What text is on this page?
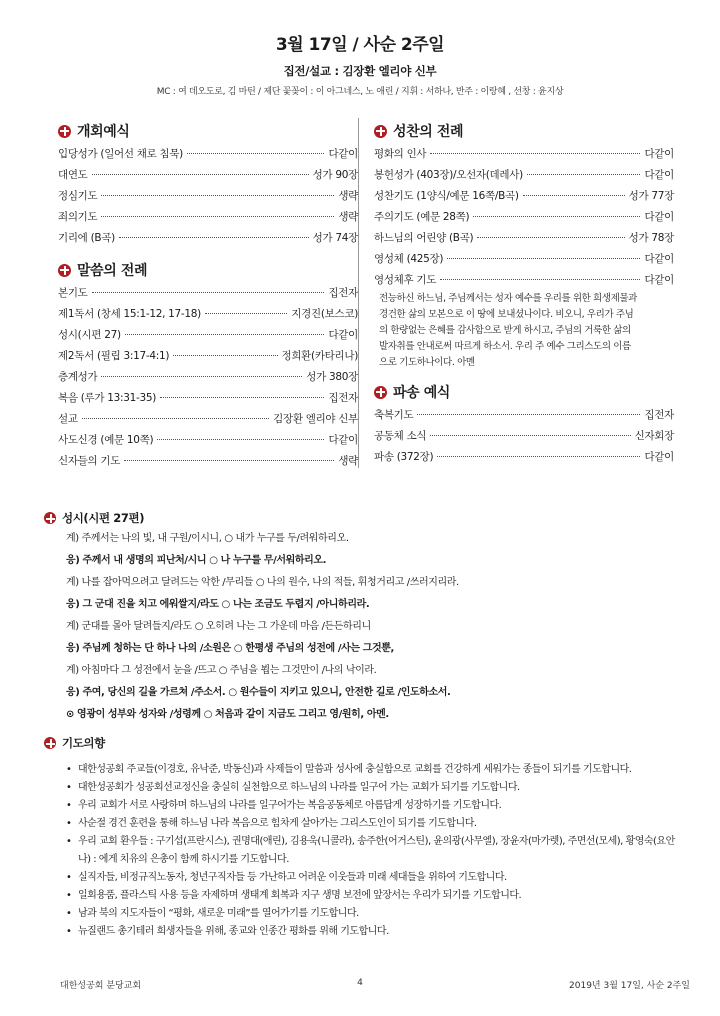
3월 17일 / 사순 2주일
집전/설교 : 김장환 엘리야 신부
MC : 여 데오도로, 김 마틴 / 제단 꽃꽂이 : 이 아그네스, 노 애린 / 지휘 : 서하나, 반주 : 이랑혜 , 선창 : 윤지상
개회예식
입당성가 (일어선 채로 침묵)	다같이
대연도	성가 90장
정심기도	생략
죄의기도	생략
기리에 (B곡)	성가 74장
말씀의 전례
본기도	집전자
제1독서 (창세 15:1-12, 17-18)	지경진(보스코)
성시(시편 27)	다같이
제2독서 (필립 3:17-4:1)	정희환(카타리나)
층계성가	성가 380장
복음 (루가 13:31-35)	집전자
설교	김장환 엘리야 신부
사도신경 (예문 10쪽)	다같이
신자들의 기도	생략
성찬의 전례
평화의 인사	다같이
봉헌성가 (403장)/오선자(데레사)	다같이
성찬기도 (1양식/예문 16쪽/B곡)	성가 77장
주의기도 (예문 28쪽)	다같이
하느님의 어린양 (B곡)	성가 78장
영성체 (425장)	다같이
영성체후 기도	다같이
전능하신 하느님, 주님께서는 성자 예수를 우리를 위한 희생제물과
경건한 삶의 모본으로 이 땅에 보내셨나이다. 비오니, 우리가 주님
의 한량없는 은혜를 감사함으로 받게 하시고, 주님의 거룩한 삶의
발자취를 안내로써 따르게 하소서. 우리 주 예수 그리스도의 이름
으로 기도하나이다. 아멘
파송 예식
축복기도	집전자
공동체 소식	신자회장
파송 (372장)	다같이
성시(시편 27편)
계) 주께서는 나의 빛, 내 구원/이시니, ○ 내가 누구를 두/려워하리오.
응) 주께서 내 생명의 피난처/시니 ○ 나 누구를 무/서워하리오.
계) 나를 잡아먹으려고 달려드는 악한 /무리들 ○ 나의 원수, 나의 적들, 휘청거리고 /쓰러지리라.
응) 그 군대 진을 치고 에워쌀지/라도 ○ 나는 조금도 두렵지 /아니하리라.
계) 군대를 몰아 달려들지/라도 ○ 오히려 나는 그 가운데 마음 /든든하리니
응) 주님께 청하는 단 하나 나의 /소원은 ○ 한평생 주님의 성전에 /사는 그것뿐,
계) 아침마다 그 성전에서 눈을 /뜨고 ○ 주님을 뵙는 그것만이 /나의 낙이라.
응) 주여, 당신의 길을 가르쳐 /주소서. ○ 원수들이 지키고 있으니, 안전한 길로 /인도하소서.
⊙ 영광이 성부와 성자와 /성령께 ○ 처음과 같이 지금도 그리고 영/원히, 아멘.
기도의향
• 대한성공회 주교들(이경호, 유낙준, 박동신)과 사제들이 말씀과 성사에 충실함으로 교회를 건강하게 세워가는 종들이 되기를 기도합니다.
• 대한성공회가 성공회선교정신을 충실히 실천함으로 하느님의 나라를 일구어 가는 교회가 되기를 기도합니다.
• 우리 교회가 서로 사랑하며 하느님의 나라를 일구어가는 복음공동체로 아름답게 성장하기를 기도합니다.
• 사순절 경건 훈련을 통해 하느님 나라 복음으로 힘차게 살아가는 그리스도인이 되기를 기도합니다.
• 우리 교회 환우들 : 구기섭(프란시스), 권명대(애린), 김용욱(니콜라), 송주한(어거스틴), 윤의광(사무엘), 장윤자(마가렛), 주면선(모세), 황영숙(요안나) : 에게 치유의 은총이 함께 하시기를 기도합니다.
• 실직자들, 비정규직노동자, 청년구직자들 등 가난하고 어려운 이웃들과 미래 세대들을 위하여 기도합니다.
• 일회용품, 플라스틱 사용 등을 자제하며 생태계 회복과 지구 생명 보전에 앞장서는 우리가 되기를 기도합니다.
• 남과 북의 지도자들이 “평화, 새로운 미래”를 열어가기를 기도합니다.
• 뉴질랜드 총기테러 희생자들을 위해, 종교와 인종간 평화를 위해 기도합니다.
대한성공회 분당교회	4	2019년 3월 17일, 사순 2주일
